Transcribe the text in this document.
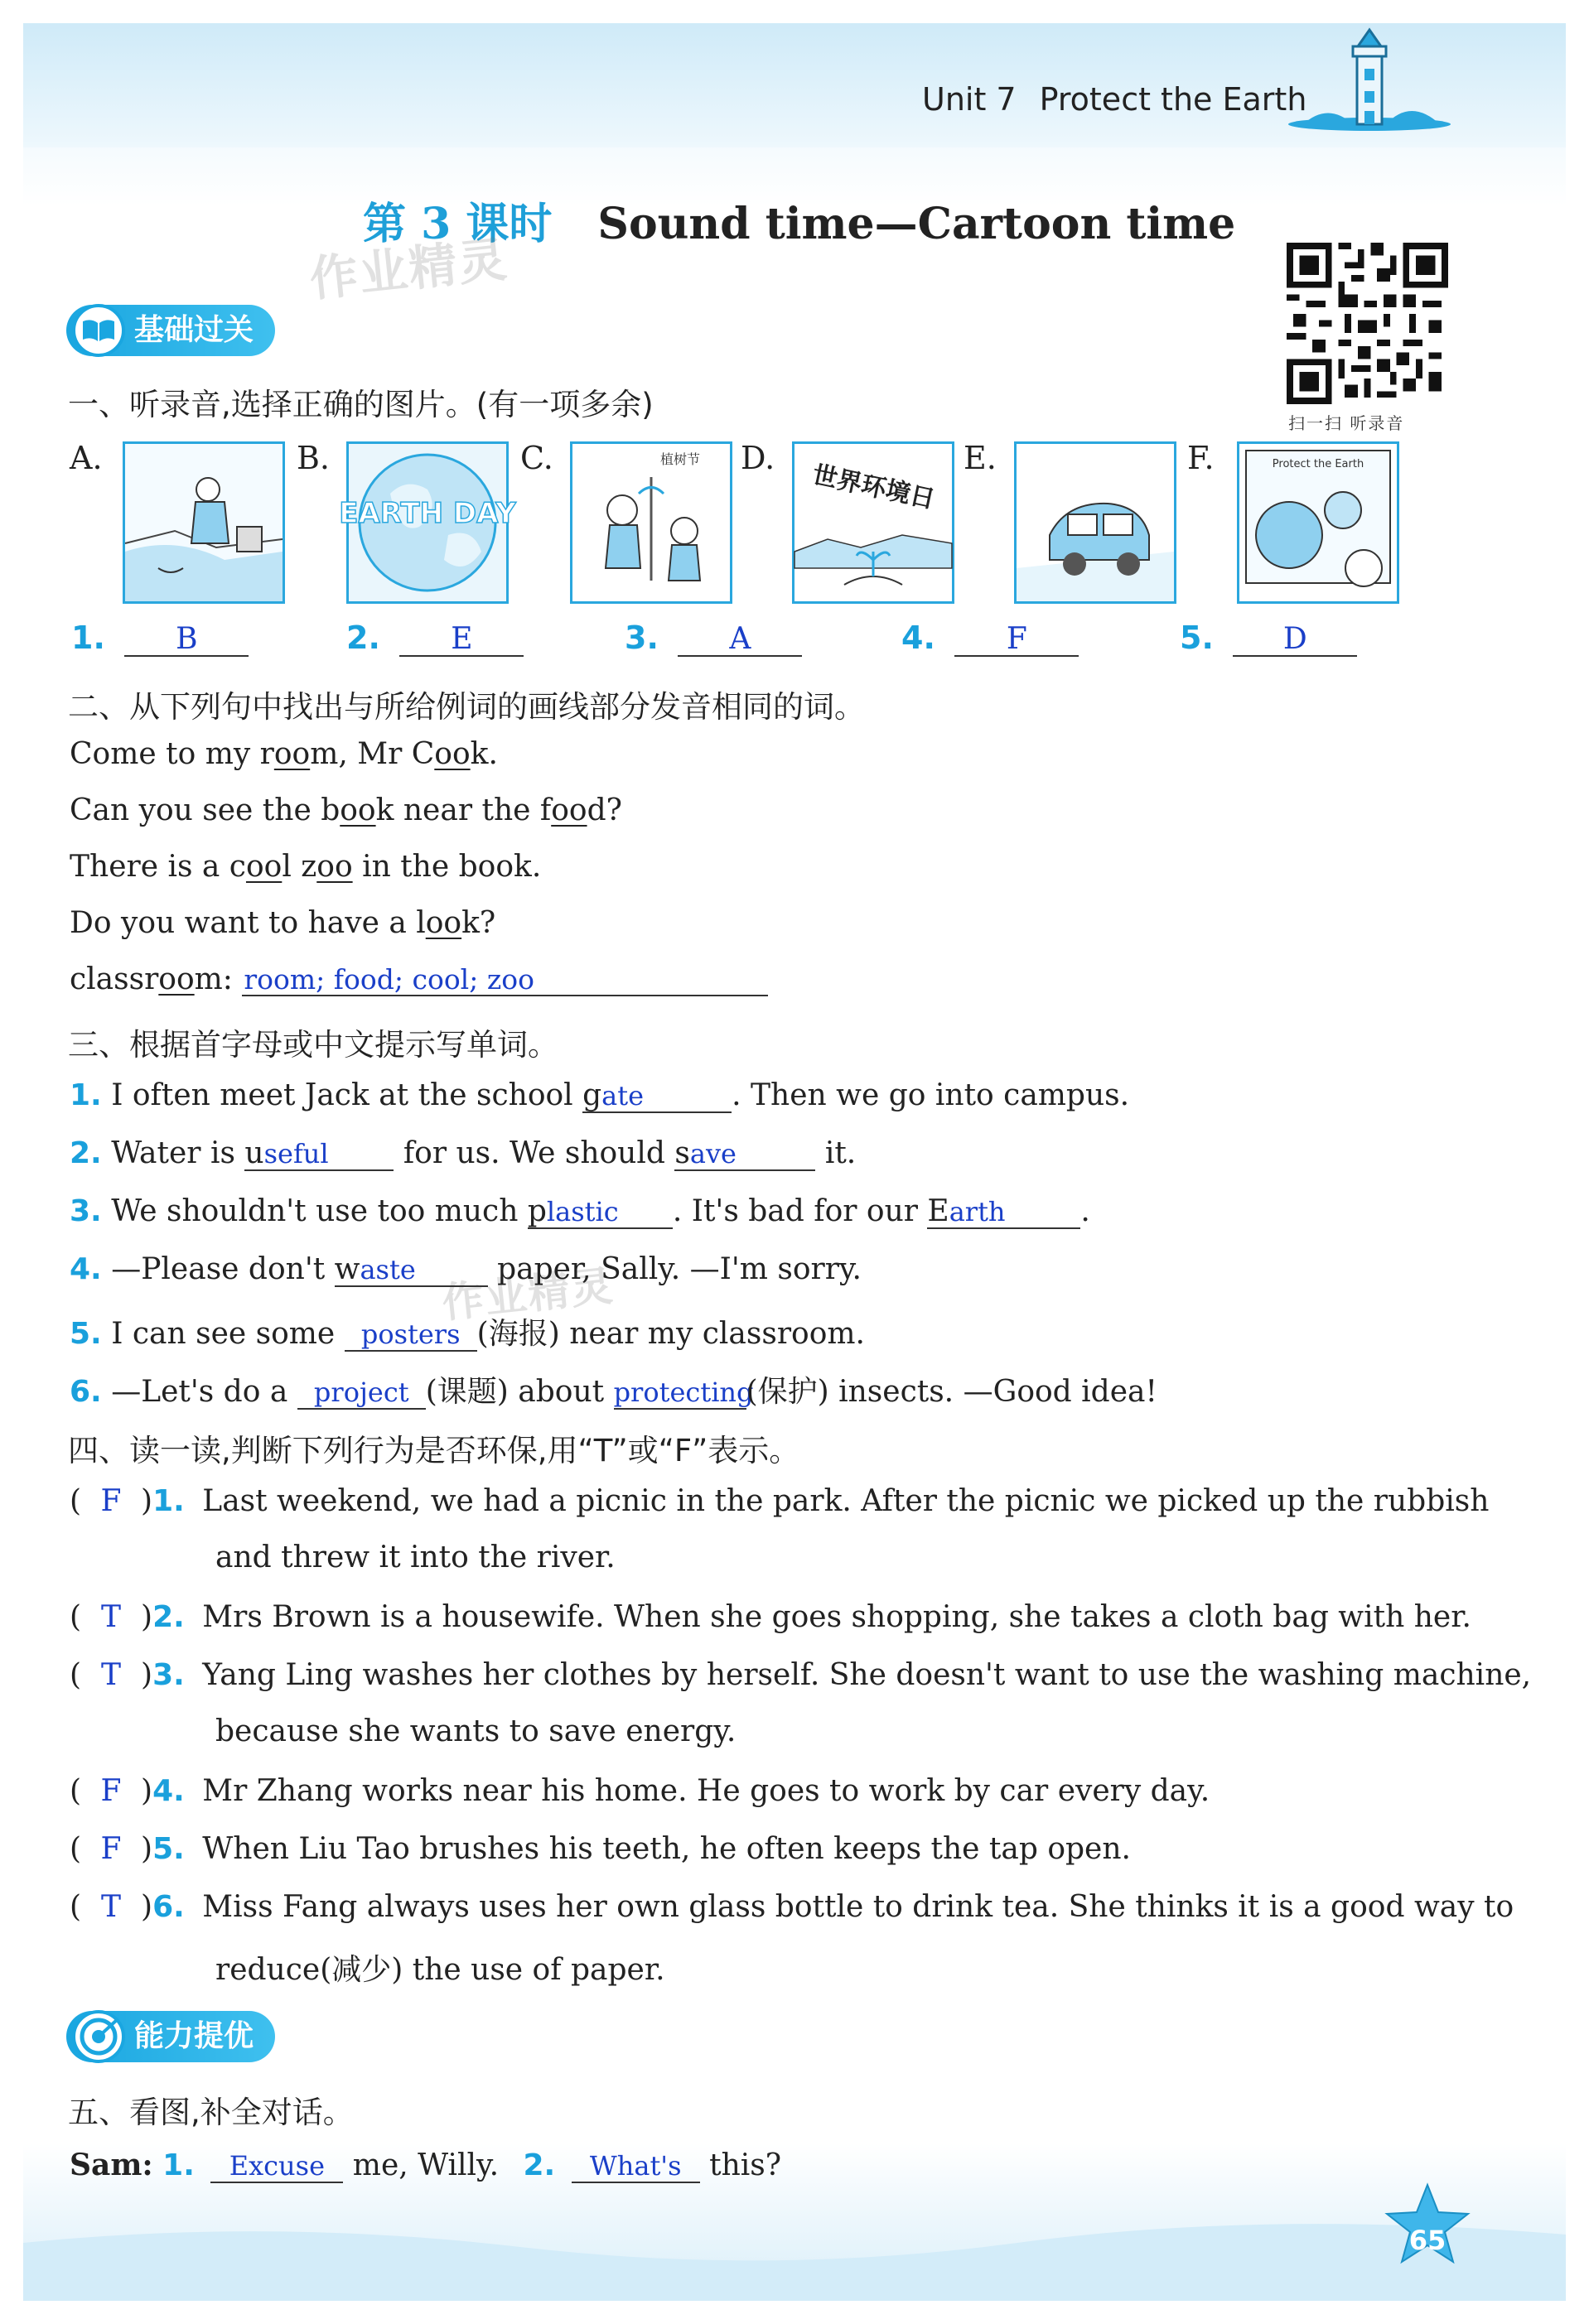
Unit 7 Protect the Earth
第 3 课时 Sound time—Cartoon time
作业精灵
作业精灵
扫一扫 听录音
基础过关
一、听录音,选择正确的图片。(有一项多余)
A.	B.
EARTH DAY
C.	植树节 D.
世界环境日
E.	F.	Protect the Earth
1. B	2. E	3. A	4. F	5. D
二、从下列句中找出与所给例词的画线部分发音相同的词。
Come to my room, Mr Cook.
Can you see the book near the food?
There is a cool zoo in the book.
Do you want to have a look?
classroom: room; food; cool; zoo
三、根据首字母或中文提示写单词。
1. I often meet Jack at the school gate	. Then we go into campus.
2. Water is useful for us. We should save	it.
3. We shouldn't use too much plastic . It's bad for our Earth	.
4. —Please don't waste paper, Sally. —I'm sorry.
5. I can see some posters (海报) near my classroom.
6. —Let's do a project (课题) about protecting(保护) insects. —Good idea!
四、读一读,判断下列行为是否环保,用“T”或“F”表示。
( F )1. Last weekend, we had a picnic in the park. After the picnic we picked up the rubbish
and threw it into the river.
( T )2. Mrs Brown is a housewife. When she goes shopping, she takes a cloth bag with her.
( T )3. Yang Ling washes her clothes by herself. She doesn't want to use the washing machine,
because she wants to save energy.
( F )4. Mr Zhang works near his home. He goes to work by car every day.
( F )5. When Liu Tao brushes his teeth, he often keeps the tap open.
( T )6. Miss Fang always uses her own glass bottle to drink tea. She thinks it is a good way to
reduce(减少) the use of paper.
能力提优
五、看图,补全对话。
Sam: 1. Excuse me, Willy. 2. What's this?
65
